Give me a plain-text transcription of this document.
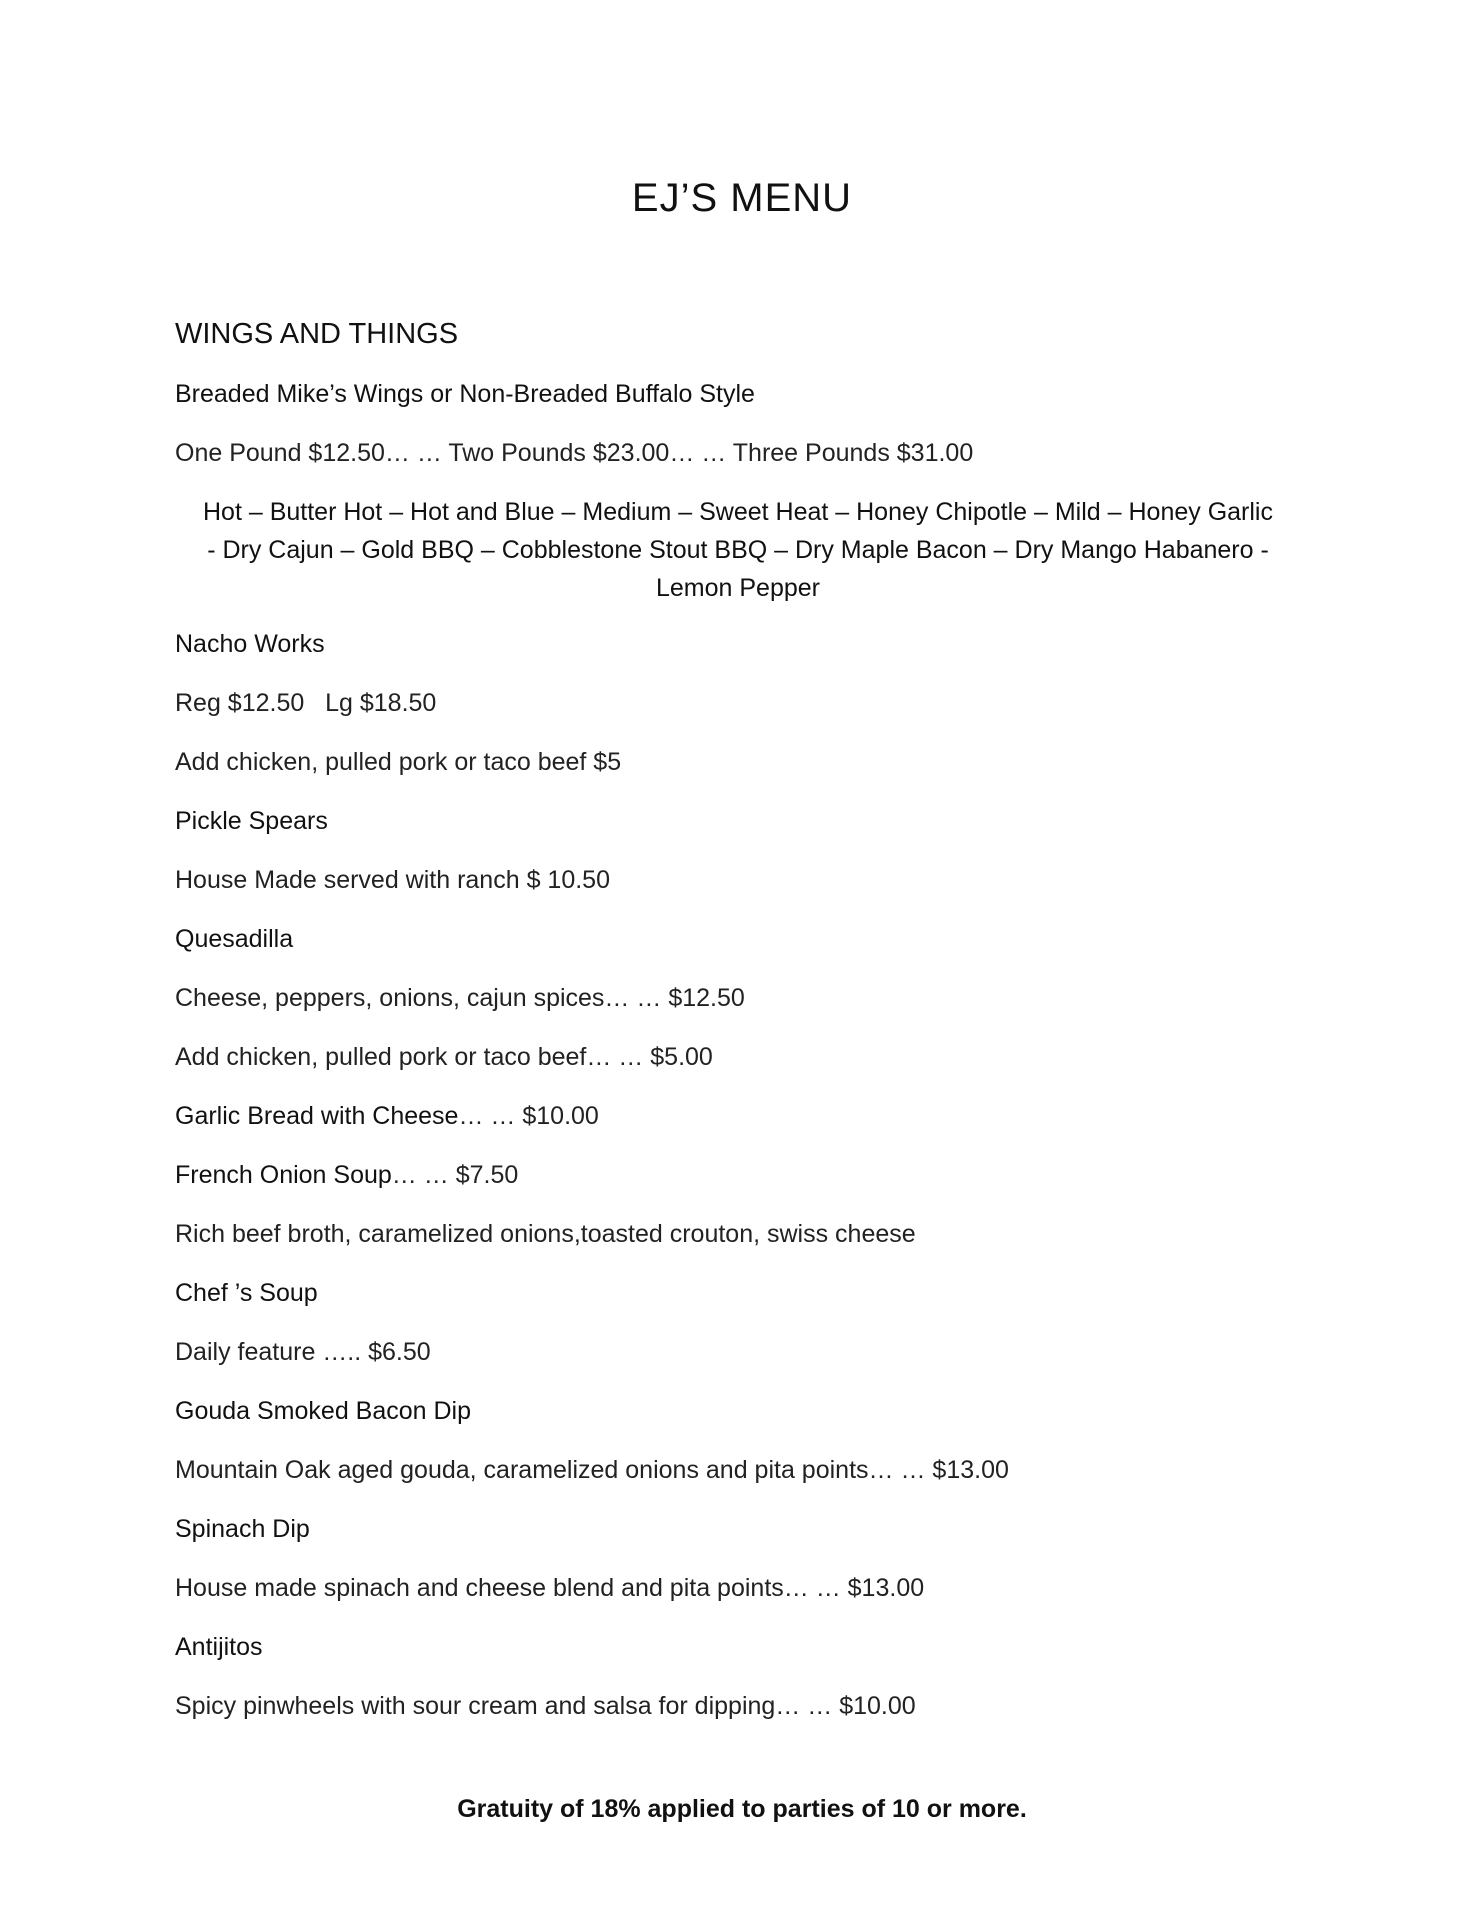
EJ’S MENU
WINGS AND THINGS

Breaded Mike’s Wings or Non-Breaded Buffalo Style

One Pound $12.50… … Two Pounds $23.00… … Three Pounds $31.00

Hot – Butter Hot – Hot and Blue – Medium – Sweet Heat – Honey Chipotle – Mild – Honey Garlic
- Dry Cajun – Gold BBQ – Cobblestone Stout BBQ – Dry Maple Bacon – Dry Mango Habanero -
Lemon Pepper

Nacho Works

Reg $12.50   Lg $18.50

Add chicken, pulled pork or taco beef $5

Pickle Spears

House Made served with ranch $ 10.50

Quesadilla

Cheese, peppers, onions, cajun spices… … $12.50

Add chicken, pulled pork or taco beef… … $5.00

Garlic Bread with Cheese… … $10.00

French Onion Soup… … $7.50

Rich beef broth, caramelized onions,toasted crouton, swiss cheese

Chef ’s Soup

Daily feature ….. $6.50

Gouda Smoked Bacon Dip

Mountain Oak aged gouda, caramelized onions and pita points… … $13.00

Spinach Dip

House made spinach and cheese blend and pita points… … $13.00

Antijitos

Spicy pinwheels with sour cream and salsa for dipping… … $10.00

Gratuity of 18% applied to parties of 10 or more.
